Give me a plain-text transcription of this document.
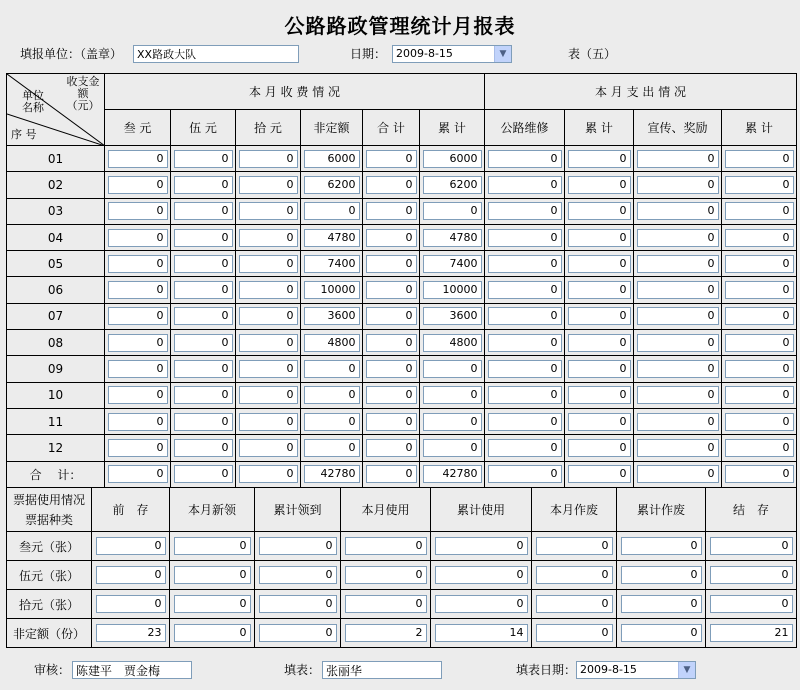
公路路政管理统计月报表
填报单位：（盖章）	XX路政大队	日期： 2009-8-15	▼	表（五）
收支金额（元）
单位名称
序 号	本 月 收 费 情 况						本 月 支 出 情 况			
	叁 元	伍 元	拾 元	非定额	合 计	累 计	公路维修	累 计	宣传、奖励	累 计
01	0	0	0	6000	0	6000	0	0	0	0

02	0	0	0	6200	0	6200	0	0	0	0

03	0	0	0	0	0	0	0	0	0	0

04	0	0	0	4780	0	4780	0	0	0	0

05	0	0	0	7400	0	7400	0	0	0	0

06	0	0	0	10000	0	10000	0	0	0	0

07	0	0	0	3600	0	3600	0	0	0	0

08	0	0	0	4800	0	4800	0	0	0	0

09	0	0	0	0	0	0	0	0	0	0

10	0	0	0	0	0	0	0	0	0	0

11	0	0	0	0	0	0	0	0	0	0

12	0	0	0	0	0	0	0	0	0	0

合　 计：	0	0	0	42780	0	42780	0	0	0	0
票据使用情况
票据种类	前　存	本月新领	累计领到	本月使用	累计使用	本月作废	累计作废	结　存
叁元（张）	0	0	0	0	0	0	0	0

伍元（张）	0	0	0	0	0	0	0	0

拾元（张）	0	0	0	0	0	0	0	0

非定额（份）	23	0	0	2	14	0	0	21
审核： 陈建平　贾金梅	填表： 张丽华	填表日期： 2009-8-15	▼
